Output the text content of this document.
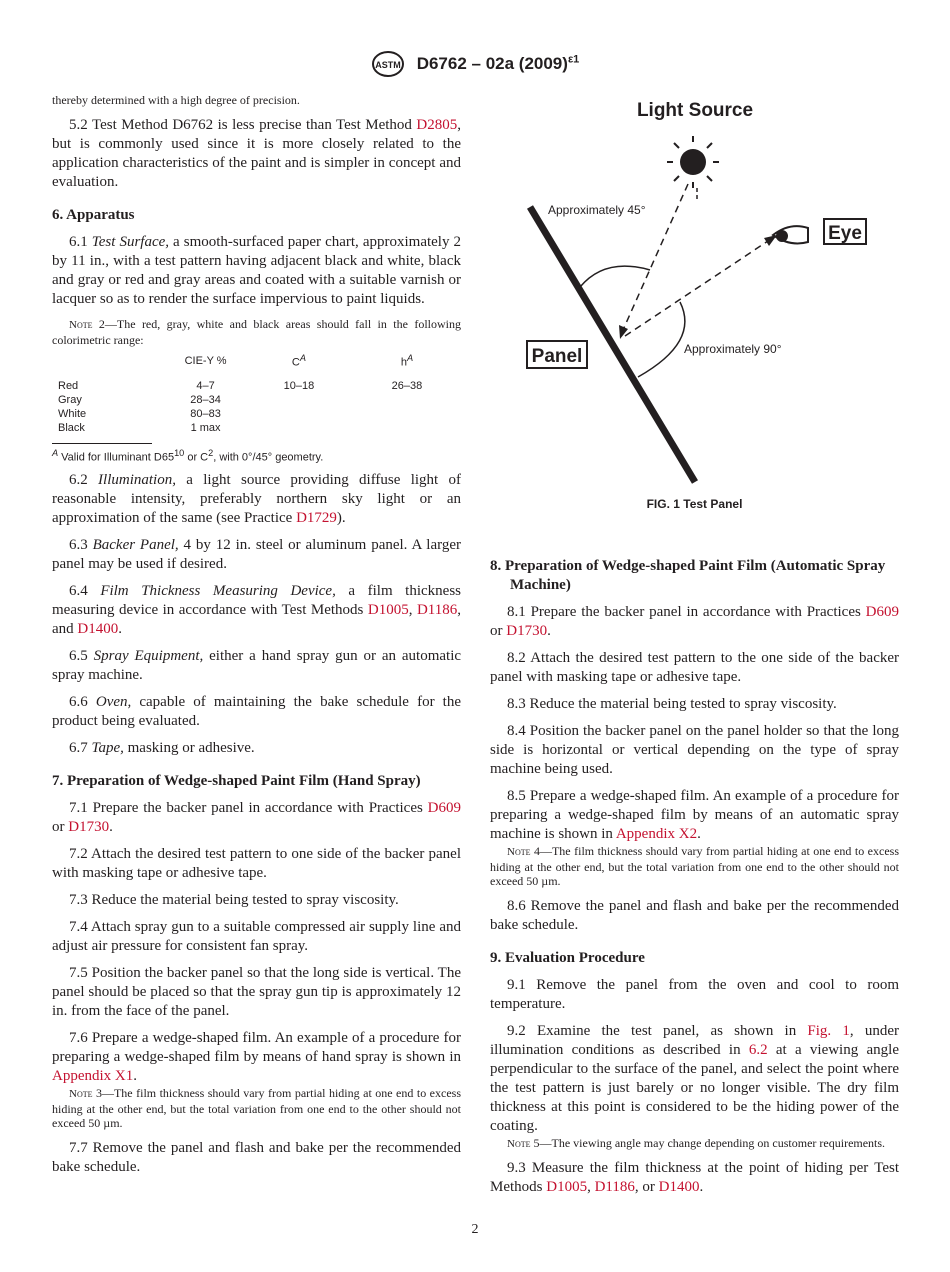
ASTM D6762 – 02a $(2009)^{\varepsilon 1}$

thereby determined with a high degree of precision.

5.2 Test Method D6762 is less precise than Test Method D2805, but is commonly used since it is more closely related to the application characteristics of the paint and is simpler in concept and evaluation.

6. Apparatus

6.1 Test Surface, a smooth-surfaced paper chart, approximately 2 by 11 in., with a test pattern having adjacent black and white, black and gray or red and gray areas and coated with a suitable varnish or lacquer so as to render the surface impervious to paint liquids.

Note 2—The red, gray, white and black areas should fall in the following colorimetric range:
	CIE-Y %	$C^A$	$h^A$

Red	4–7	10–18	26–38
Gray	28–34		
White	80–83		
Black	1 max		
$^A$ Valid for Illuminant $D65^{10}$ or $C^2$, with 0°/45° geometry.

6.2 Illumination, a light source providing diffuse light of reasonable intensity, preferably northern sky light or an approximation of the same (see Practice D1729).

6.3 Backer Panel, 4 by 12 in. steel or aluminum panel. A larger panel may be used if desired.

6.4 Film Thickness Measuring Device, a film thickness measuring device in accordance with Test Methods D1005, D1186, and D1400.

6.5 Spray Equipment, either a hand spray gun or an automatic spray machine.

6.6 Oven, capable of maintaining the bake schedule for the product being evaluated.

6.7 Tape, masking or adhesive.

7. Preparation of Wedge-shaped Paint Film (Hand Spray)

7.1 Prepare the backer panel in accordance with Practices D609 or D1730.

7.2 Attach the desired test pattern to one side of the backer panel with masking tape or adhesive tape.

7.3 Reduce the material being tested to spray viscosity.

7.4 Attach spray gun to a suitable compressed air supply line and adjust air pressure for consistent fan spray.

7.5 Position the backer panel so that the long side is vertical. The panel should be placed so that the spray gun tip is approximately 12 in. from the face of the panel.

7.6 Prepare a wedge-shaped film. An example of a procedure for preparing a wedge-shaped film by means of hand spray is shown in Appendix X1.

Note 3—The film thickness should vary from partial hiding at one end to excess hiding at the other end, but the total variation from one end to the other should not exceed 50 µm.

7.7 Remove the panel and flash and bake per the recommended bake schedule.

Light Source
Eye
Approximately 45°
Approximately 90°
Panel
FIG. 1 Test Panel
8. Preparation of Wedge-shaped Paint Film (Automatic Spray Machine)

8.1 Prepare the backer panel in accordance with Practices D609 or D1730.

8.2 Attach the desired test pattern to the one side of the backer panel with masking tape or adhesive tape.

8.3 Reduce the material being tested to spray viscosity.

8.4 Position the backer panel on the panel holder so that the long side is horizontal or vertical depending on the type of spray machine being used.

8.5 Prepare a wedge-shaped film. An example of a procedure for preparing a wedge-shaped film by means of an automatic spray machine is shown in Appendix X2.

Note 4—The film thickness should vary from partial hiding at one end to excess hiding at the other end, but the total variation from one end to the other should not exceed 50 µm.

8.6 Remove the panel and flash and bake per the recommended bake schedule.

9. Evaluation Procedure

9.1 Remove the panel from the oven and cool to room temperature.

9.2 Examine the test panel, as shown in Fig. 1, under illumination conditions as described in 6.2 at a viewing angle perpendicular to the surface of the panel, and select the point where the test pattern is just barely or no longer visible. The dry film thickness at this point is considered to be the hiding power of the coating.

Note 5—The viewing angle may change depending on customer requirements.

9.3 Measure the film thickness at the point of hiding per Test Methods D1005, D1186, or D1400.

2
